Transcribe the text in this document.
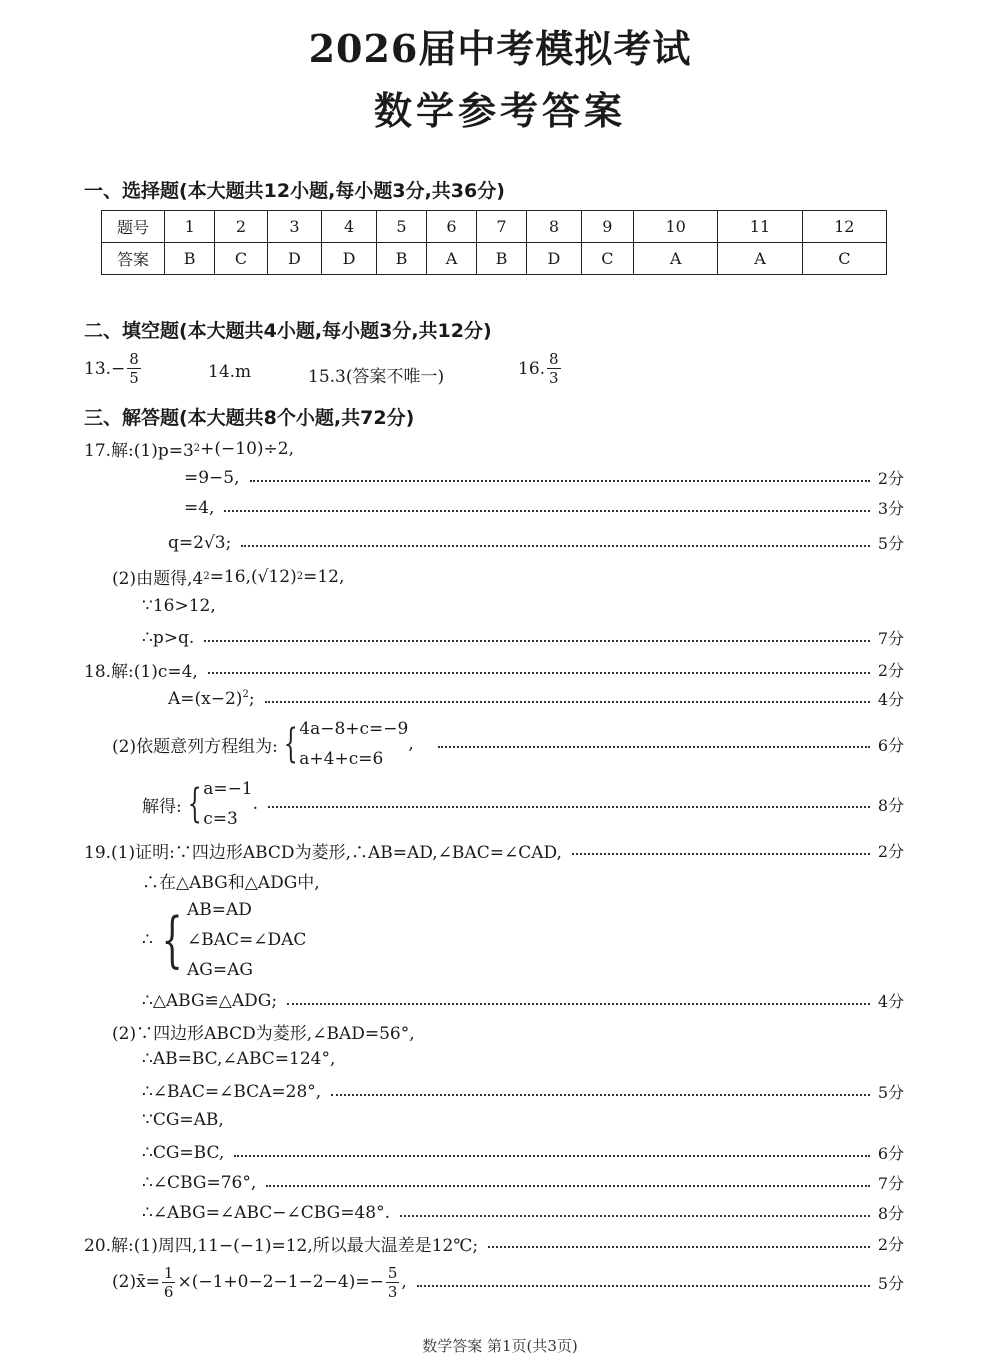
2026届中考模拟考试
数学参考答案
一、选择题(本大题共12小题,每小题3分,共36分)
题号	1	2	3	4	5	6	7	8	9	10	11	12
答案	B	C	D	D	B	A	B	D	C	A	A	C
二、填空题(本大题共4小题,每小题3分,共12分)
$13.- \frac{8}{5}$	14.m	15.3(答案不唯一)	16. $\frac{8}{3}$
三、解答题(本大题共8个小题,共72分)
17.解:(1)p=3 2 +(−10)÷2,
=9−5,	2分
=4,	3分
q=2√3;	5分
(2)由题得,4 2 =16,(√12) 2 =12,
∵16>12,
∴p>q.	7分
18.解:(1)c=4,	2分
$A=(x-2)^2$;	4分
(2)依题意列方程组为: { 4a−8+c=−9
a+4+c=6
,	6分
解得: { a=−1
c=3
.	8分
19.(1)证明:∵四边形ABCD为菱形,∴AB=AD,∠BAC=∠CAD,	2分
∴在△ABG和△ADG中,
∴ { AB=AD
∠BAC=∠DAC
AG=AG
∴△ABG≌△ADG;	4分
(2)∵四边形ABCD为菱形,∠BAD=56°,
∴AB=BC,∠ABC=124°,
∴∠BAC=∠BCA=28°,	5分
∵CG=AB,
∴CG=BC,	6分
∴∠CBG=76°,	7分
∴∠ABG=∠ABC−∠CBG=48°.	8分
20.解:(1)周四,11−(−1)=12,所以最大温差是12℃;	2分
(2)x̄= $\frac{1}{6} \times(-1+0-2-1-2-4)=- \frac{5}{3}$ ,	5分
数学答案 第1页(共3页)
